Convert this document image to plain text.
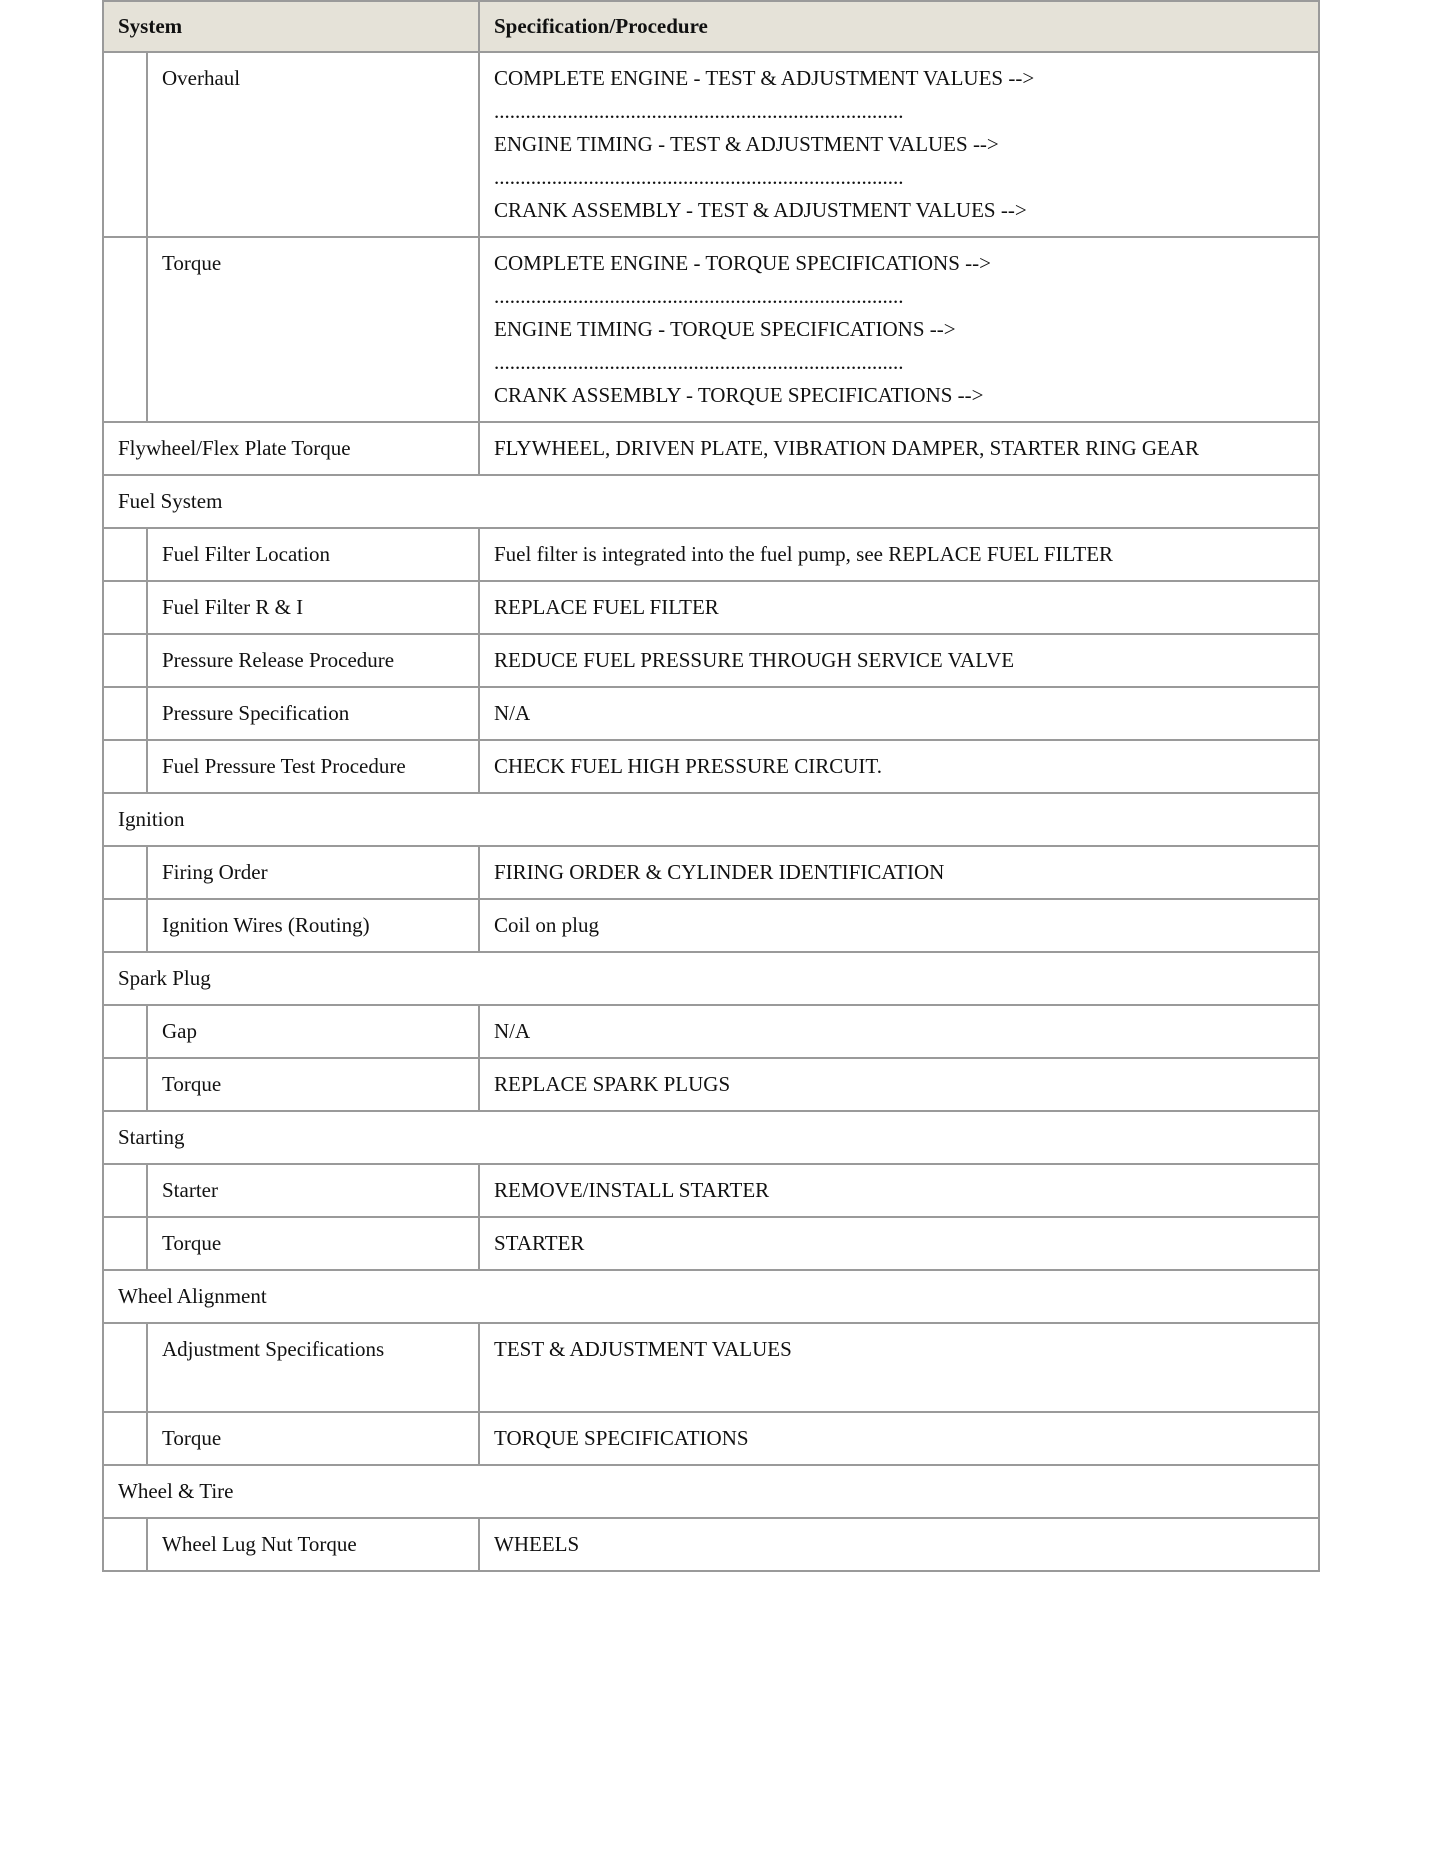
System		Specification/Procedure
	Overhaul	COMPLETE ENGINE - TEST & ADJUSTMENT VALUES -->
..............................................................................
ENGINE TIMING - TEST & ADJUSTMENT VALUES -->
..............................................................................
CRANK ASSEMBLY - TEST & ADJUSTMENT VALUES -->

	Torque	COMPLETE ENGINE - TORQUE SPECIFICATIONS -->
..............................................................................
ENGINE TIMING - TORQUE SPECIFICATIONS -->
..............................................................................
CRANK ASSEMBLY - TORQUE SPECIFICATIONS -->

Flywheel/Flex Plate Torque		FLYWHEEL, DRIVEN PLATE, VIBRATION DAMPER, STARTER RING GEAR
Fuel System		
	Fuel Filter Location	Fuel filter is integrated into the fuel pump, see REPLACE FUEL FILTER
	Fuel Filter R & I	REPLACE FUEL FILTER
	Pressure Release Procedure	REDUCE FUEL PRESSURE THROUGH SERVICE VALVE
	Pressure Specification	N/A
	Fuel Pressure Test Procedure	CHECK FUEL HIGH PRESSURE CIRCUIT.
Ignition		
	Firing Order	FIRING ORDER & CYLINDER IDENTIFICATION
	Ignition Wires (Routing)	Coil on plug
Spark Plug		
	Gap	N/A
	Torque	REPLACE SPARK PLUGS
Starting		
	Starter	REMOVE/INSTALL STARTER
	Torque	STARTER
Wheel Alignment		
	Adjustment Specifications	TEST & ADJUSTMENT VALUES
	Torque	TORQUE SPECIFICATIONS
Wheel & Tire		
	Wheel Lug Nut Torque	WHEELS
